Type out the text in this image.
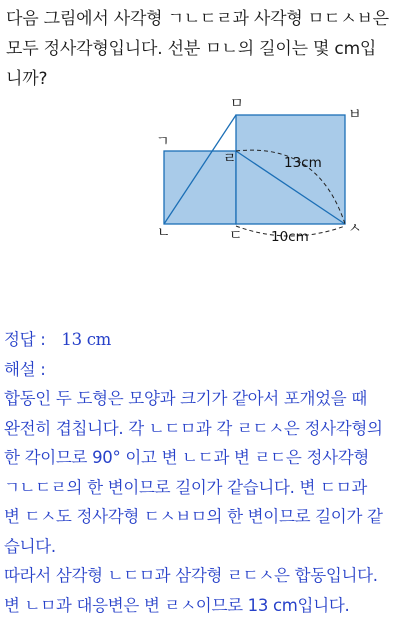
다음 그림에서 사각형 ㄱㄴㄷㄹ과 사각형 ㅁㄷㅅㅂ은
모두 정사각형입니다. 선분 ㅁㄴ의 길이는 몇 cm입
니까?
ㄱ
ㄴ	ㄷ
ㄹ
ㅁ
ㅂ
ㅅ
13cm
10cm
정답 : 13 cm
해설 :
합동인 두 도형은 모양과 크기가 같아서 포개었을 때
완전히 겹칩니다. 각 ㄴㄷㅁ과 각 ㄹㄷㅅ은 정사각형의
한 각이므로 90° 이고 변 ㄴㄷ과 변 ㄹㄷ은 정사각형
ㄱㄴㄷㄹ의 한 변이므로 길이가 같습니다. 변 ㄷㅁ과
변 ㄷㅅ도 정사각형 ㄷㅅㅂㅁ의 한 변이므로 길이가 같
습니다.
따라서 삼각형 ㄴㄷㅁ과 삼각형 ㄹㄷㅅ은 합동입니다.
변 ㄴㅁ과 대응변은 변 ㄹㅅ이므로 13 cm입니다.
